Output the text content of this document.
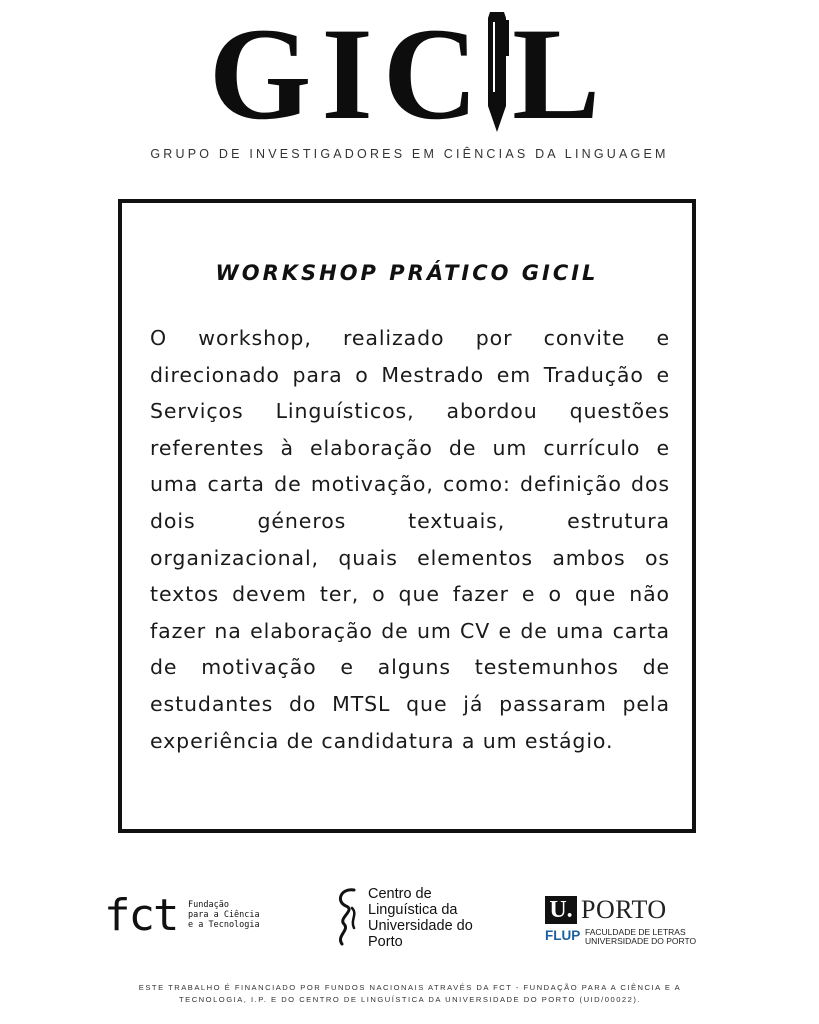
GIC L
GRUPO DE INVESTIGADORES EM CIÊNCIAS DA LINGUAGEM
WORKSHOP PRÁTICO GICIL

O workshop, realizado por convite e direcionado para o Mestrado em Tradução e Serviços Linguísticos, abordou questões referentes à elaboração de um currículo e uma carta de motivação, como: definição dos dois géneros textuais, estrutura organizacional, quais elementos ambos os textos devem ter, o que fazer e o que não fazer na elaboração de um CV e de uma carta de motivação e alguns testemunhos de estudantes do MTSL que já passaram pela experiência de candidatura a um estágio.

fct Fundação
para a Ciência
e a Tecnologia
Centro de
Linguística da
Universidade do
Porto
U. PORTO
FLUP FACULDADE DE LETRAS
UNIVERSIDADE DO PORTO

ESTE TRABALHO É FINANCIADO POR FUNDOS NACIONAIS ATRAVÉS DA FCT - FUNDAÇÃO PARA A CIÊNCIA E A TECNOLOGIA, I.P. E DO CENTRO DE LINGUÍSTICA DA UNIVERSIDADE DO PORTO (UID/00022).
